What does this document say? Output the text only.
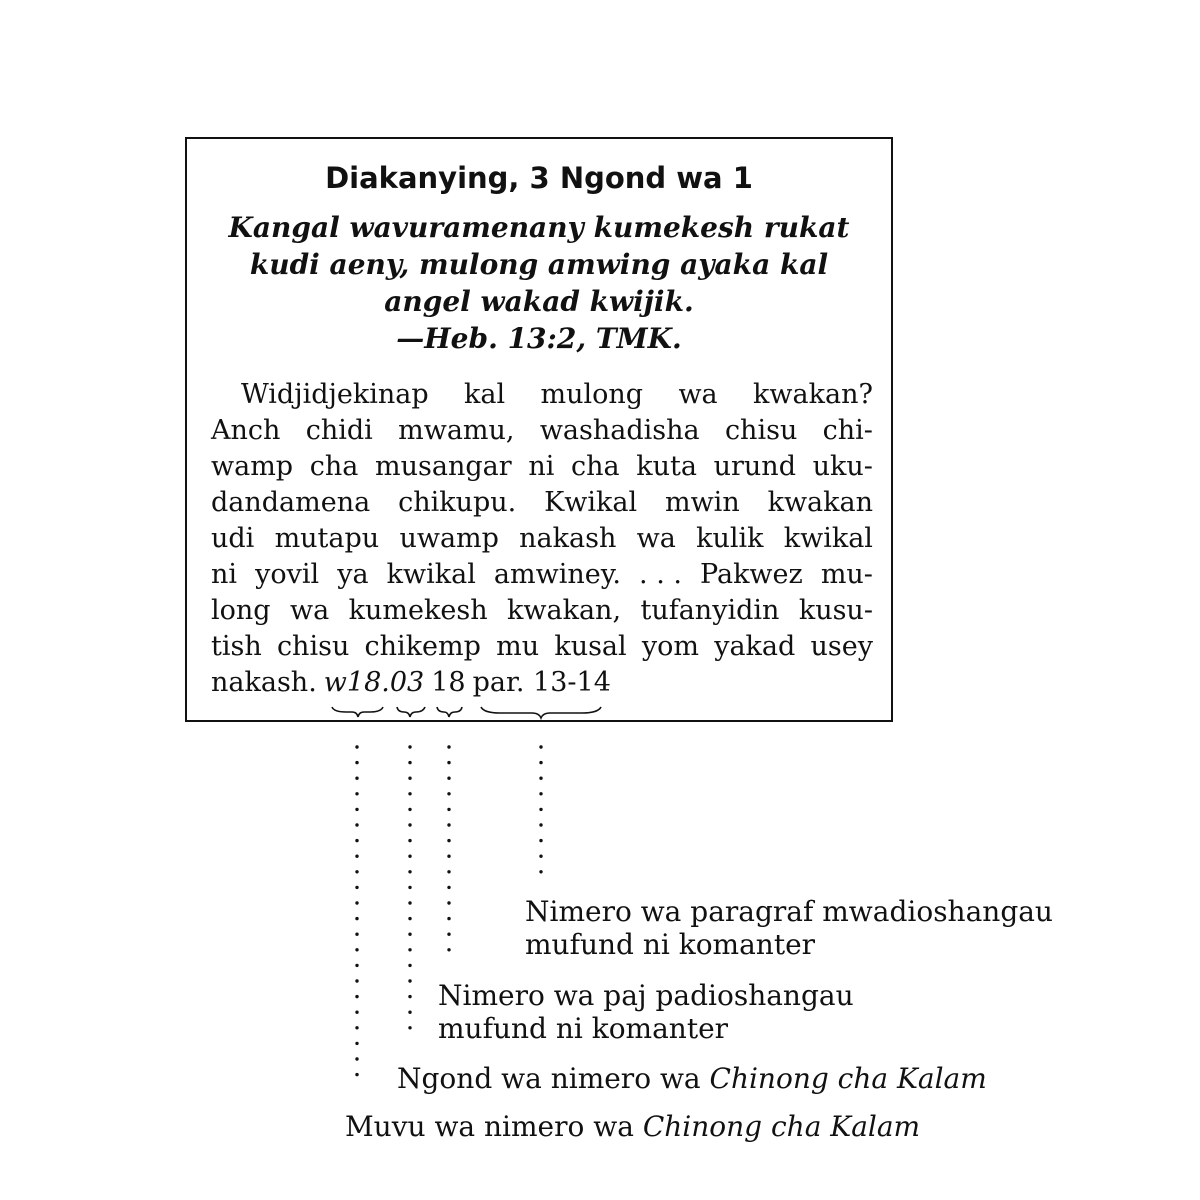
Diakanying, 3 Ngond wa 1
Kangal wavuramenany kumekesh rukat
kudi aeny, mulong amwing ayaka kal
angel wakad kwijik.
—Heb. 13:2, TMK.
Widjidjekinap kal mulong wa kwakan?
Anch chidi mwamu, washadisha chisu chi-
wamp cha musangar ni cha kuta urund uku-
dandamena chikupu. Kwikal mwin kwakan
udi mutapu uwamp nakash wa kulik kwikal
ni yovil ya kwikal amwiney. . . . Pakwez mu-
long wa kumekesh kwakan, tufanyidin kusu-
tish chisu chikemp mu kusal yom yakad usey
nakash. w18 . 03 18 par. 13-14
Nimero wa paragraf mwadioshangau
mufund ni komanter
Nimero wa paj padioshangau
mufund ni komanter
Ngond wa nimero wa Chinong cha Kalam
Muvu wa nimero wa Chinong cha Kalam
